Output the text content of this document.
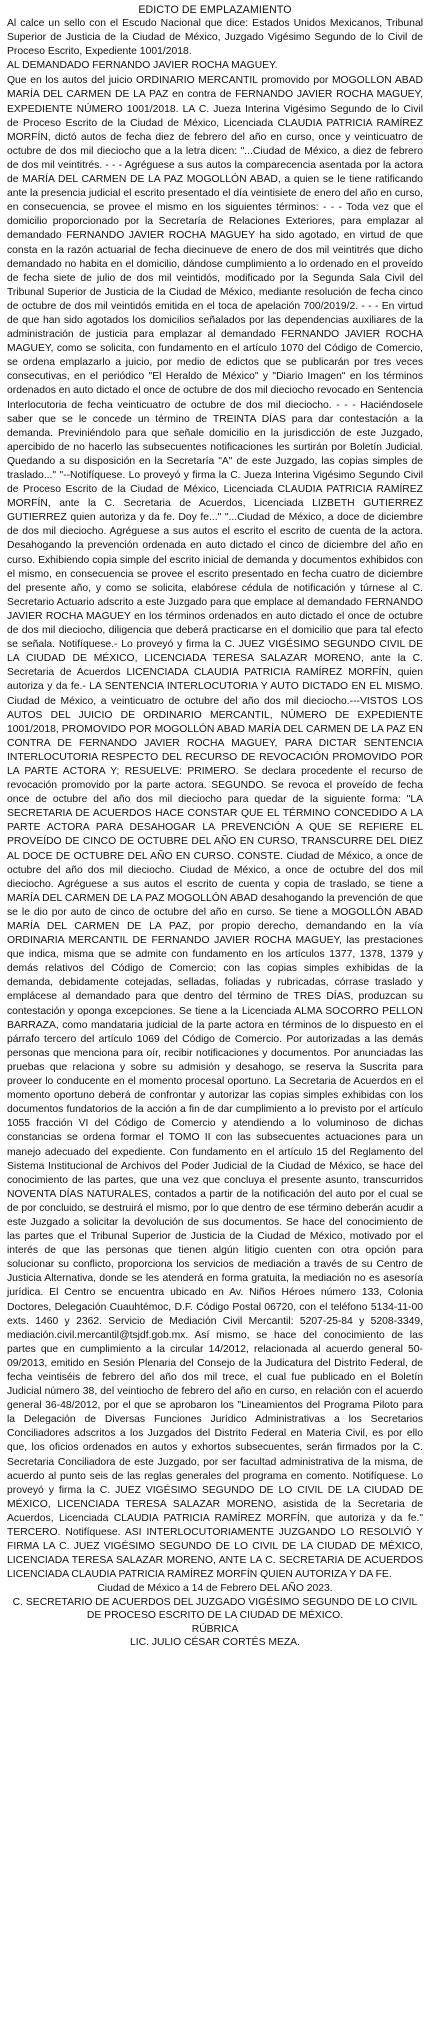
EDICTO DE EMPLAZAMIENTO

Al calce un sello con el Escudo Nacional que dice: Estados Unidos Mexicanos, Tribunal Superior de Justicia de la Ciudad de México, Juzgado Vigésimo Segundo de lo Civil de Proceso Escrito, Expediente 1001/2018.

AL DEMANDADO FERNANDO JAVIER ROCHA MAGUEY.

Que en los autos del juicio ORDINARIO MERCANTIL promovido por MOGOLLON ABAD MARÍA DEL CARMEN DE LA PAZ en contra de FERNANDO JAVIER ROCHA MAGUEY, EXPEDIENTE NÚMERO 1001/2018. LA C. Jueza Interina Vigésimo Segundo de lo Civil de Proceso Escrito de la Ciudad de México, Licenciada CLAUDIA PATRICIA RAMÍREZ MORFÍN, dictó autos de fecha diez de febrero del año en curso, once y veinticuatro de octubre de dos mil dieciocho que a la letra dicen: "...Ciudad de México, a diez de febrero de dos mil veintitrés. - - - Agréguese a sus autos la comparecencia asentada por la actora de MARÍA DEL CARMEN DE LA PAZ MOGOLLÓN ABAD, a quien se le tiene ratificando ante la presencia judicial el escrito presentado el día veintisiete de enero del año en curso, en consecuencia, se provee el mismo en los siguientes términos: - - - Toda vez que el domicilio proporcionado por la Secretaría de Relaciones Exteriores, para emplazar al demandado FERNANDO JAVIER ROCHA MAGUEY ha sido agotado, en virtud de que consta en la razón actuarial de fecha diecinueve de enero de dos mil veintitrés que dicho demandado no habita en el domicilio, dándose cumplimiento a lo ordenado en el proveído de fecha siete de julio de dos mil veintidós, modificado por la Segunda Sala Civil del Tribunal Superior de Justicia de la Ciudad de México, mediante resolución de fecha cinco de octubre de dos mil veintidós emitida en el toca de apelación 700/2019/2. - - - En virtud de que han sido agotados los domicilios señalados por las dependencias auxiliares de la administración de justicia para emplazar al demandado FERNANDO JAVIER ROCHA MAGUEY, como se solicita, con fundamento en el artículo 1070 del Código de Comercio, se ordena emplazarlo a juicio, por medio de edictos que se publicarán por tres veces consecutivas, en el periódico "El Heraldo de México" y "Diario Imagen" en los términos ordenados en auto dictado el once de octubre de dos mil dieciocho revocado en Sentencia Interlocutoria de fecha veinticuatro de octubre de dos mil dieciocho. - - - Haciéndosele saber que se le concede un término de TREINTA DÍAS para dar contestación a la demanda. Previniéndolo para que señale domicilio en la jurisdicción de este Juzgado, apercibido de no hacerlo las subsecuentes notificaciones les surtirán por Boletín Judicial. Quedando a su disposición en la Secretaría "A" de este Juzgado, las copias simples de traslado..." "--Notifíquese. Lo proveyó y firma la C. Jueza Interina Vigésimo Segundo Civil de Proceso Escrito de la Ciudad de México, Licenciada CLAUDIA PATRICIA RAMÍREZ MORFÍN, ante la C. Secretaria de Acuerdos, Licenciada LIZBETH GUTIERREZ GUTIERREZ quien autoriza y da fe. Doy fe..." "...Ciudad de México, a doce de diciembre de dos mil dieciocho. Agréguese a sus autos el escrito el escrito de cuenta de la actora. Desahogando la prevención ordenada en auto dictado el cinco de diciembre del año en curso. Exhibiendo copia simple del escrito inicial de demanda y documentos exhibidos con el mismo, en consecuencia se provee el escrito presentado en fecha cuatro de diciembre del presente año, y como se solicita, elabórese cédula de notificación y túrnese al C. Secretario Actuario adscrito a este Juzgado para que emplace al demandado FERNANDO JAVIER ROCHA MAGUEY en los términos ordenados en auto dictado el once de octubre de dos mil dieciocho, diligencia que deberá practicarse en el domicilio que para tal efecto se señala. Notifíquese.- Lo proveyó y firma la C. JUEZ VIGÉSIMO SEGUNDO CIVIL DE LA CIUDAD DE MÉXICO, LICENCIADA TERESA SALAZAR MORENO, ante la C. Secretaria de Acuerdos LICENCIADA CLAUDIA PATRICIA RAMÍREZ MORFÍN, quien autoriza y da fe.- LA SENTENCIA INTERLOCUTORIA Y AUTO DICTADO EN EL MISMO. Ciudad de México, a veinticuatro de octubre del año dos mil dieciocho.---VISTOS LOS AUTOS DEL JUICIO DE ORDINARIO MERCANTIL, NÚMERO DE EXPEDIENTE 1001/2018, PROMOVIDO POR MOGOLLÓN ABAD MARÍA DEL CARMEN DE LA PAZ EN CONTRA DE FERNANDO JAVIER ROCHA MAGUEY, PARA DICTAR SENTENCIA INTERLOCUTORIA RESPECTO DEL RECURSO DE REVOCACIÓN PROMOVIDO POR LA PARTE ACTORA Y; RESUELVE: PRIMERO. Se declara procedente el recurso de revocación promovido por la parte actora. SEGUNDO. Se revoca el proveído de fecha once de octubre del año dos mil dieciocho para quedar de la siguiente forma: "LA SECRETARIA DE ACUERDOS HACE CONSTAR QUE EL TÉRMINO CONCEDIDO A LA PARTE ACTORA PARA DESAHOGAR LA PREVENCIÓN A QUE SE REFIERE EL PROVEÍDO DE CINCO DE OCTUBRE DEL AÑO EN CURSO, TRANSCURRE DEL DIEZ AL DOCE DE OCTUBRE DEL AÑO EN CURSO. CONSTE. Ciudad de México, a once de octubre del año dos mil dieciocho. Ciudad de México, a once de octubre del dos mil dieciocho. Agréguese a sus autos el escrito de cuenta y copia de traslado, se tiene a MARÍA DEL CARMEN DE LA PAZ MOGOLLÓN ABAD desahogando la prevención de que se le dio por auto de cinco de octubre del año en curso. Se tiene a MOGOLLÓN ABAD MARÍA DEL CARMEN DE LA PAZ, por propio derecho, demandando en la vía ORDINARIA MERCANTIL DE FERNANDO JAVIER ROCHA MAGUEY, las prestaciones que indica, misma que se admite con fundamento en los artículos 1377, 1378, 1379 y demás relativos del Código de Comercio; con las copias simples exhibidas de la demanda, debidamente cotejadas, selladas, foliadas y rubricadas, córrase traslado y emplácese al demandado para que dentro del término de TRES DÍAS, produzcan su contestación y oponga excepciones. Se tiene a la Licenciada ALMA SOCORRO PELLON BARRAZA, como mandataria judicial de la parte actora en términos de lo dispuesto en el párrafo tercero del artículo 1069 del Código de Comercio. Por autorizadas a las demás personas que menciona para oír, recibir notificaciones y documentos. Por anunciadas las pruebas que relaciona y sobre su admisión y desahogo, se reserva la Suscrita para proveer lo conducente en el momento procesal oportuno. La Secretaria de Acuerdos en el momento oportuno deberá de confrontar y autorizar las copias simples exhibidas con los documentos fundatorios de la acción a fin de dar cumplimiento a lo previsto por el artículo 1055 fracción VI del Código de Comercio y atendiendo a lo voluminoso de dichas constancias se ordena formar el TOMO II con las subsecuentes actuaciones para un manejo adecuado del expediente. Con fundamento en el artículo 15 del Reglamento del Sistema Institucional de Archivos del Poder Judicial de la Ciudad de México, se hace del conocimiento de las partes, que una vez que concluya el presente asunto, transcurridos NOVENTA DÍAS NATURALES, contados a partir de la notificación del auto por el cual se de por concluido, se destruirá el mismo, por lo que dentro de ese término deberán acudir a este Juzgado a solicitar la devolución de sus documentos. Se hace del conocimiento de las partes que el Tribunal Superior de Justicia de la Ciudad de México, motivado por el interés de que las personas que tienen algún litigio cuenten con otra opción para solucionar su conflicto, proporciona los servicios de mediación a través de su Centro de Justicia Alternativa, donde se les atenderá en forma gratuita, la mediación no es asesoría jurídica. El Centro se encuentra ubicado en Av. Niños Héroes número 133, Colonia Doctores, Delegación Cuauhtémoc, D.F. Código Postal 06720, con el teléfono 5134-11-00 exts. 1460 y 2362. Servicio de Mediación Civil Mercantil: 5207-25-84 y 5208-3349, mediación.civil.mercantil@tsjdf.gob.mx. Así mismo, se hace del conocimiento de las partes que en cumplimiento a la circular 14/2012, relacionada al acuerdo general 50-09/2013, emitido en Sesión Plenaria del Consejo de la Judicatura del Distrito Federal, de fecha veintiséis de febrero del año dos mil trece, el cual fue publicado en el Boletín Judicial número 38, del veintiocho de febrero del año en curso, en relación con el acuerdo general 36-48/2012, por el que se aprobaron los "Lineamientos del Programa Piloto para la Delegación de Diversas Funciones Jurídico Administrativas a los Secretarios Conciliadores adscritos a los Juzgados del Distrito Federal en Materia Civil, es por ello que, los oficios ordenados en autos y exhortos subsecuentes, serán firmados por la C. Secretaria Conciliadora de este Juzgado, por ser facultad administrativa de la misma, de acuerdo al punto seis de las reglas generales del programa en comento. Notifíquese. Lo proveyó y firma la C. JUEZ VIGÉSIMO SEGUNDO DE LO CIVIL DE LA CIUDAD DE MÉXICO, LICENCIADA TERESA SALAZAR MORENO, asistida de la Secretaria de Acuerdos, Licenciada CLAUDIA PATRICIA RAMÍREZ MORFÍN, que autoriza y da fe." TERCERO. Notifíquese. ASI INTERLOCUTORIAMENTE JUZGANDO LO RESOLVIÓ Y FIRMA LA C. JUEZ VIGÉSIMO SEGUNDO DE LO CIVIL DE LA CIUDAD DE MÉXICO, LICENCIADA TERESA SALAZAR MORENO, ANTE LA C. SECRETARIA DE ACUERDOS LICENCIADA CLAUDIA PATRICIA RAMÍREZ MORFÍN QUIEN AUTORIZA Y DA FE.

Ciudad de México a 14 de Febrero DEL AÑO 2023.

C. SECRETARIO DE ACUERDOS DEL JUZGADO VIGÉSIMO SEGUNDO DE LO CIVIL DE PROCESO ESCRITO DE LA CIUDAD DE MÉXICO.

RÚBRICA

LIC. JULIO CÉSAR CORTÉS MEZA.
